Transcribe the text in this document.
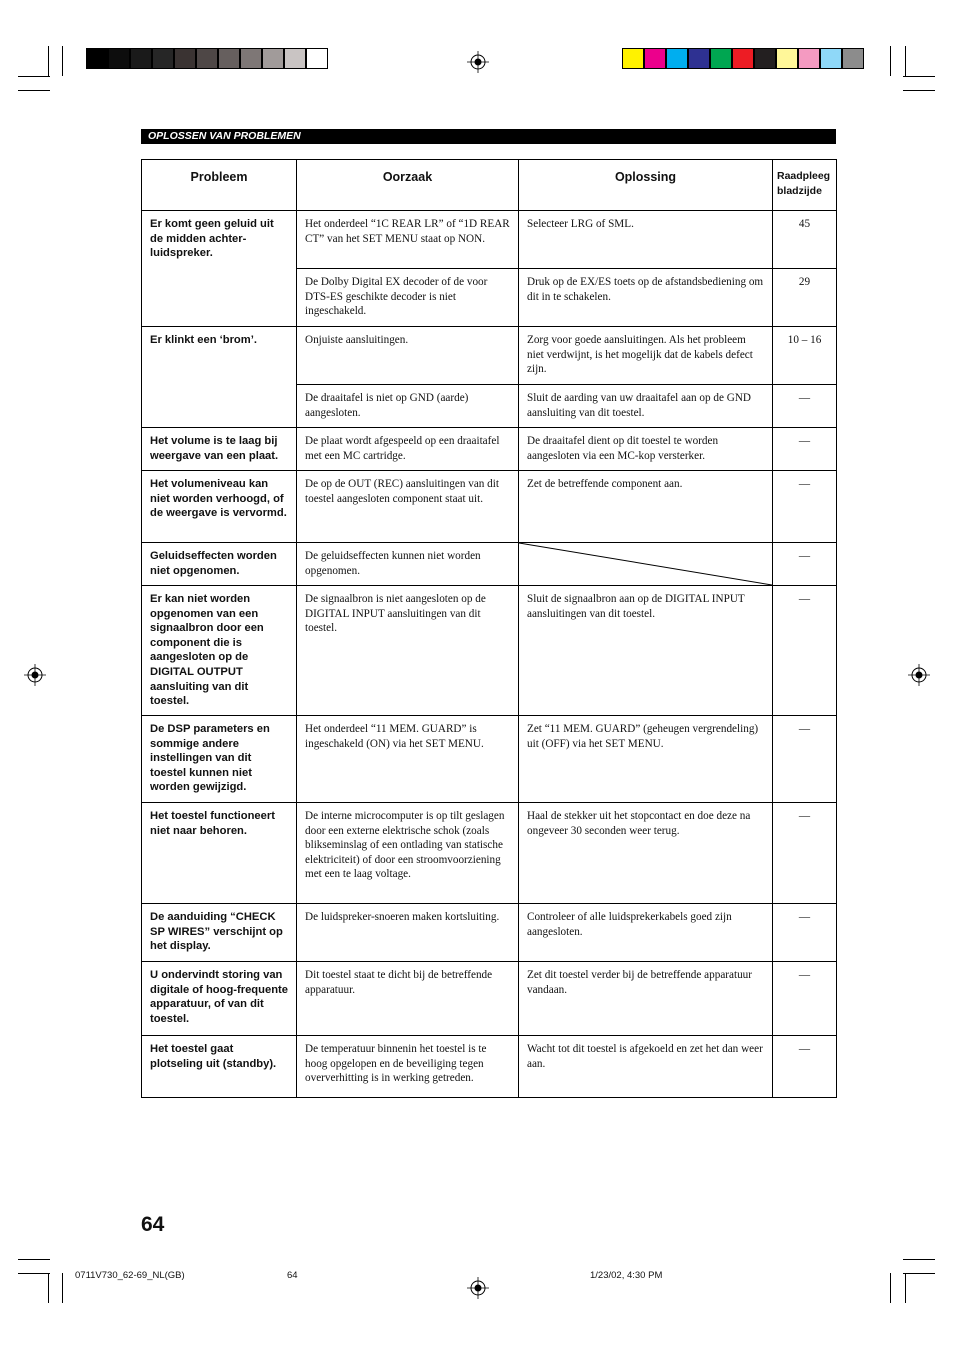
OPLOSSEN VAN PROBLEMEN
Probleem	Oorzaak	Oplossing	Raadpleeg
bladzijde
Er komt geen geluid uit de midden achter-luidspreker.	Het onderdeel “1C REAR LR” of “1D REAR CT” van het SET MENU staat op NON.	Selecteer LRG of SML.	45
	De Dolby Digital EX decoder of de voor DTS-ES geschikte decoder is niet ingeschakeld.	Druk op de EX/ES toets op de afstandsbediening om dit in te schakelen.	29
Er klinkt een ‘brom’.	Onjuiste aansluitingen.	Zorg voor goede aansluitingen. Als het probleem niet verdwijnt, is het mogelijk dat de kabels defect zijn.	10 – 16
	De draaitafel is niet op GND (aarde) aangesloten.	Sluit de aarding van uw draaitafel aan op de GND aansluiting van dit toestel.	—
Het volume is te laag bij weergave van een plaat.	De plaat wordt afgespeeld op een draaitafel met een MC cartridge.	De draaitafel dient op dit toestel te worden aangesloten via een MC-kop versterker.	—
Het volumeniveau kan niet worden verhoogd, of de weergave is vervormd.	De op de OUT (REC) aansluitingen van dit toestel aangesloten component staat uit.	Zet de betreffende component aan.	—
Geluidseffecten worden niet opgenomen.	De geluidseffecten kunnen niet worden opgenomen.		—
Er kan niet worden opgenomen van een signaalbron door een component die is aangesloten op de DIGITAL OUTPUT aansluiting van dit toestel.	De signaalbron is niet aangesloten op de DIGITAL INPUT aansluitingen van dit toestel.	Sluit de signaalbron aan op de DIGITAL INPUT aansluitingen van dit toestel.	—
De DSP parameters en sommige andere instellingen van dit toestel kunnen niet worden gewijzigd.	Het onderdeel “11 MEM. GUARD” is ingeschakeld (ON) via het SET MENU.	Zet “11 MEM. GUARD” (geheugen vergrendeling) uit (OFF) via het SET MENU.	—
Het toestel functioneert niet naar behoren.	De interne microcomputer is op tilt geslagen door een externe elektrische schok (zoals blikseminslag of een ontlading van statische elektriciteit) of door een stroomvoorziening met een te laag voltage.	Haal de stekker uit het stopcontact en doe deze na ongeveer 30 seconden weer terug.	—
De aanduiding “CHECK SP WIRES” verschijnt op het display.	De luidspreker-snoeren maken kortsluiting.	Controleer of alle luidsprekerkabels goed zijn aangesloten.	—
U ondervindt storing van digitale of hoog-frequente apparatuur, of van dit toestel.	Dit toestel staat te dicht bij de betreffende apparatuur.	Zet dit toestel verder bij de betreffende apparatuur vandaan.	—
Het toestel gaat plotseling uit (standby).	De temperatuur binnenin het toestel is te hoog opgelopen en de beveiliging tegen oververhitting is in werking getreden.	Wacht tot dit toestel is afgekoeld en zet het dan weer aan.	—
64
0711V730_62-69_NL(GB)	64	1/23/02, 4:30 PM
